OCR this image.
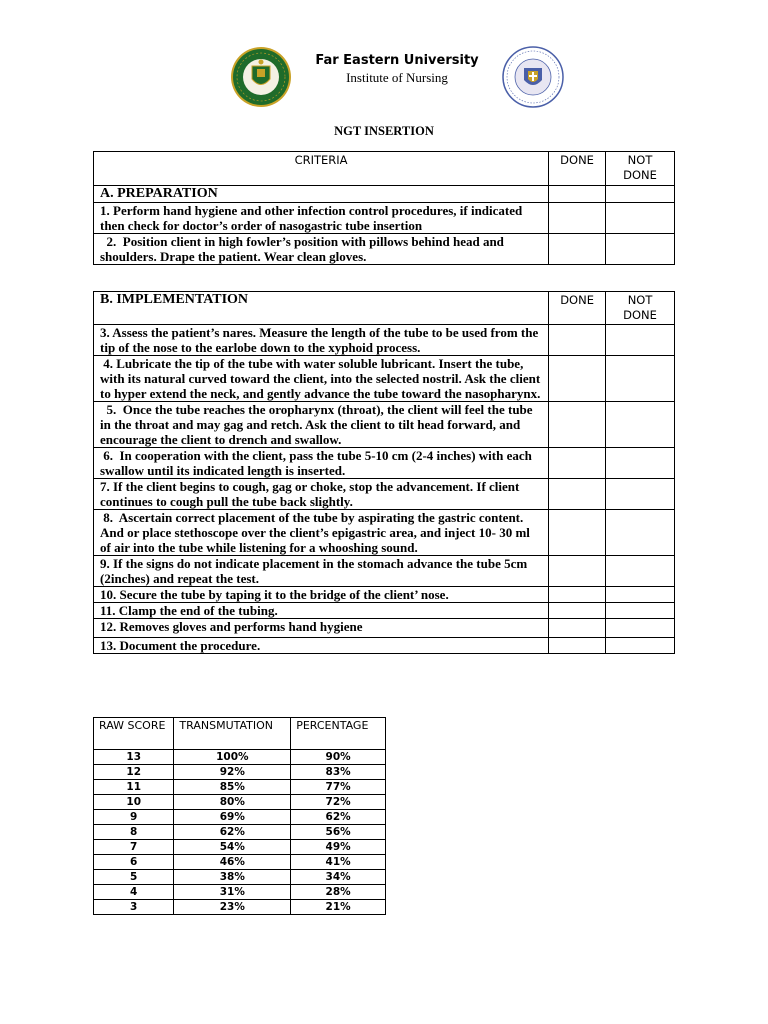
Far Eastern University
Institute of Nursing
NGT INSERTION
CRITERIA	DONE	NOT DONE
A. PREPARATION		
1. Perform hand hygiene and other infection control procedures, if indicated then check for doctor’s order of nasogastric tube insertion		
2.  Position client in high fowler’s position with pillows behind head and shoulders. Drape the patient. Wear clean gloves.		
B. IMPLEMENTATION	DONE	NOT DONE
3. Assess the patient’s nares. Measure the length of the tube to be used from the tip of the nose to the earlobe down to the xyphoid process.		
4. Lubricate the tip of the tube with water soluble lubricant. Insert the tube, with its natural curved toward the client, into the selected nostril. Ask the client to hyper extend the neck, and gently advance the tube toward the nasopharynx.		
5.  Once the tube reaches the oropharynx (throat), the client will feel the tube in the throat and may gag and retch. Ask the client to tilt head forward, and encourage the client to drench and swallow.		
6.  In cooperation with the client, pass the tube 5-10 cm (2-4 inches) with each swallow until its indicated length is inserted.		
7. If the client begins to cough, gag or choke, stop the advancement. If client continues to cough pull the tube back slightly.		
8.  Ascertain correct placement of the tube by aspirating the gastric content. And or place stethoscope over the client’s epigastric area, and inject 10- 30 ml of air into the tube while listening for a whooshing sound.		
9. If the signs do not indicate placement in the stomach advance the tube 5cm (2inches) and repeat the test.		
10. Secure the tube by taping it to the bridge of the client’ nose.		
11. Clamp the end of the tubing.		
12. Removes gloves and performs hand hygiene		
13. Document the procedure.		
RAW SCORE	TRANSMUTATION	PERCENTAGE
13	100%	90%
12	92%	83%
11	85%	77%
10	80%	72%
9	69%	62%
8	62%	56%
7	54%	49%
6	46%	41%
5	38%	34%
4	31%	28%
3	23%	21%
